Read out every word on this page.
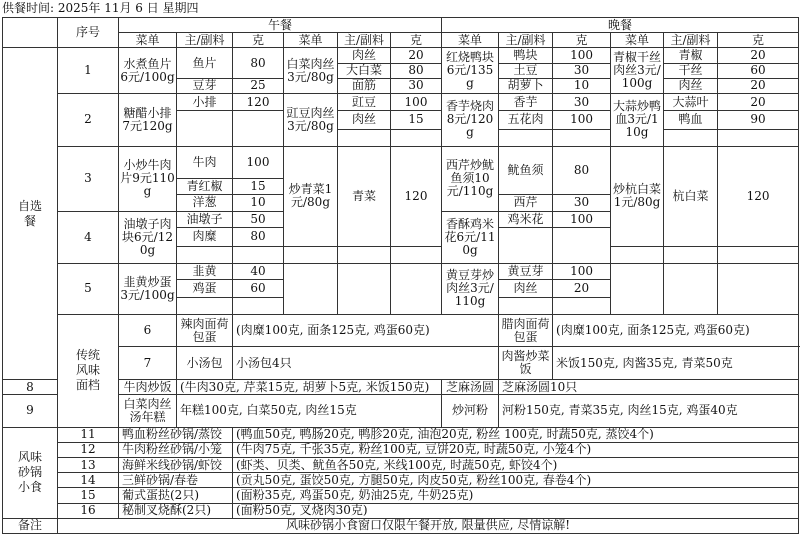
供餐时间: 2025年 11月 6 日 星期四
	序号	午餐						晚餐					
		菜单	主/副料	克	菜单	主/副料	克	菜单	主/副料	克	菜单	主/副料	克
自选
餐	1	水煮鱼片6元/100g	鱼片	80	白菜肉丝3元/80g	肉丝	20	红烧鸭块6元/135g	鸭块	100	青椒干丝肉丝3元/100g	青椒	20
						大白菜	80		土豆	30		干丝	60
			豆芽	25		面筋	30		胡萝卜	10		肉丝	20
	2	糖醋小排7元120g	小排	120	豇豆肉丝3元/80g	豇豆	100	香芋烧肉8元/120g	香芋	30	大蒜炒鸭血3元/110g	大蒜叶	20
						肉丝	15		五花肉	100		鸭血	90

	3	小炒牛肉片9元110g	牛肉	100	炒青菜1元/80g	青菜	120	西芹炒鱿鱼须10元/110g	鱿鱼须	80	炒杭白菜1元/80g	杭白菜	120
			青红椒	15									
			洋葱	10					西芹	30			
	4	油墩子肉块6元/120g	油墩子	50				香酥鸡米花6元/110g	鸡米花	100			
			肉糜	80									

	5	韭黄炒蛋3元/100g	韭黄	40				黄豆芽炒肉丝3元/110g	黄豆芽	100			
			鸡蛋	60					肉丝	20			

	传统
风味
面档	6	辣肉面荷包蛋	(肉糜100克, 面条125克, 鸡蛋60克)					腊肉面荷包蛋	(肉糜100克, 面条125克, 鸡蛋60克)			
		7	小汤包	小汤包4只					肉酱炒菜饭	米饭150克, 肉酱35克, 青菜50克			
8		牛肉炒饭	(牛肉30克, 芹菜15克, 胡萝卜5克, 米饭150克)					芝麻汤圆	芝麻汤圆10只				
9		白菜肉丝汤年糕	年糕100克, 白菜50克, 肉丝15克					炒河粉	河粉150克, 青菜35克, 肉丝15克, 鸡蛋40克				
风味
砂锅
小食	11	鸭血粉丝砂锅/蒸饺		(鸭血50克, 鸭肠20克, 鸭胗20克, 油泡20克, 粉丝 100克, 时蔬50克, 蒸饺4个)									
	12	牛肉粉丝砂锅/小笼		(牛肉75克, 千张35克, 粉丝100克, 豆饼20克, 时蔬50克, 小笼4个)									
	13	海鲜米线砂锅/虾饺		(虾类、贝类、鱿鱼各50克, 米线100克, 时蔬50克, 虾饺4个)									
	14	三鲜砂锅/春卷		(贡丸50克, 蛋饺50克, 方腿50克, 肉皮50克, 粉丝100克, 春卷4个)									
	15	葡式蛋挞(2只)		(面粉35克, 鸡蛋50克, 奶油25克, 牛奶25克)									
	16	秘制叉烧酥(2只)		(面粉50克, 叉烧肉30克)									
备注	风味砂锅小食窗口仅限午餐开放, 限量供应, 尽情谅解!												
